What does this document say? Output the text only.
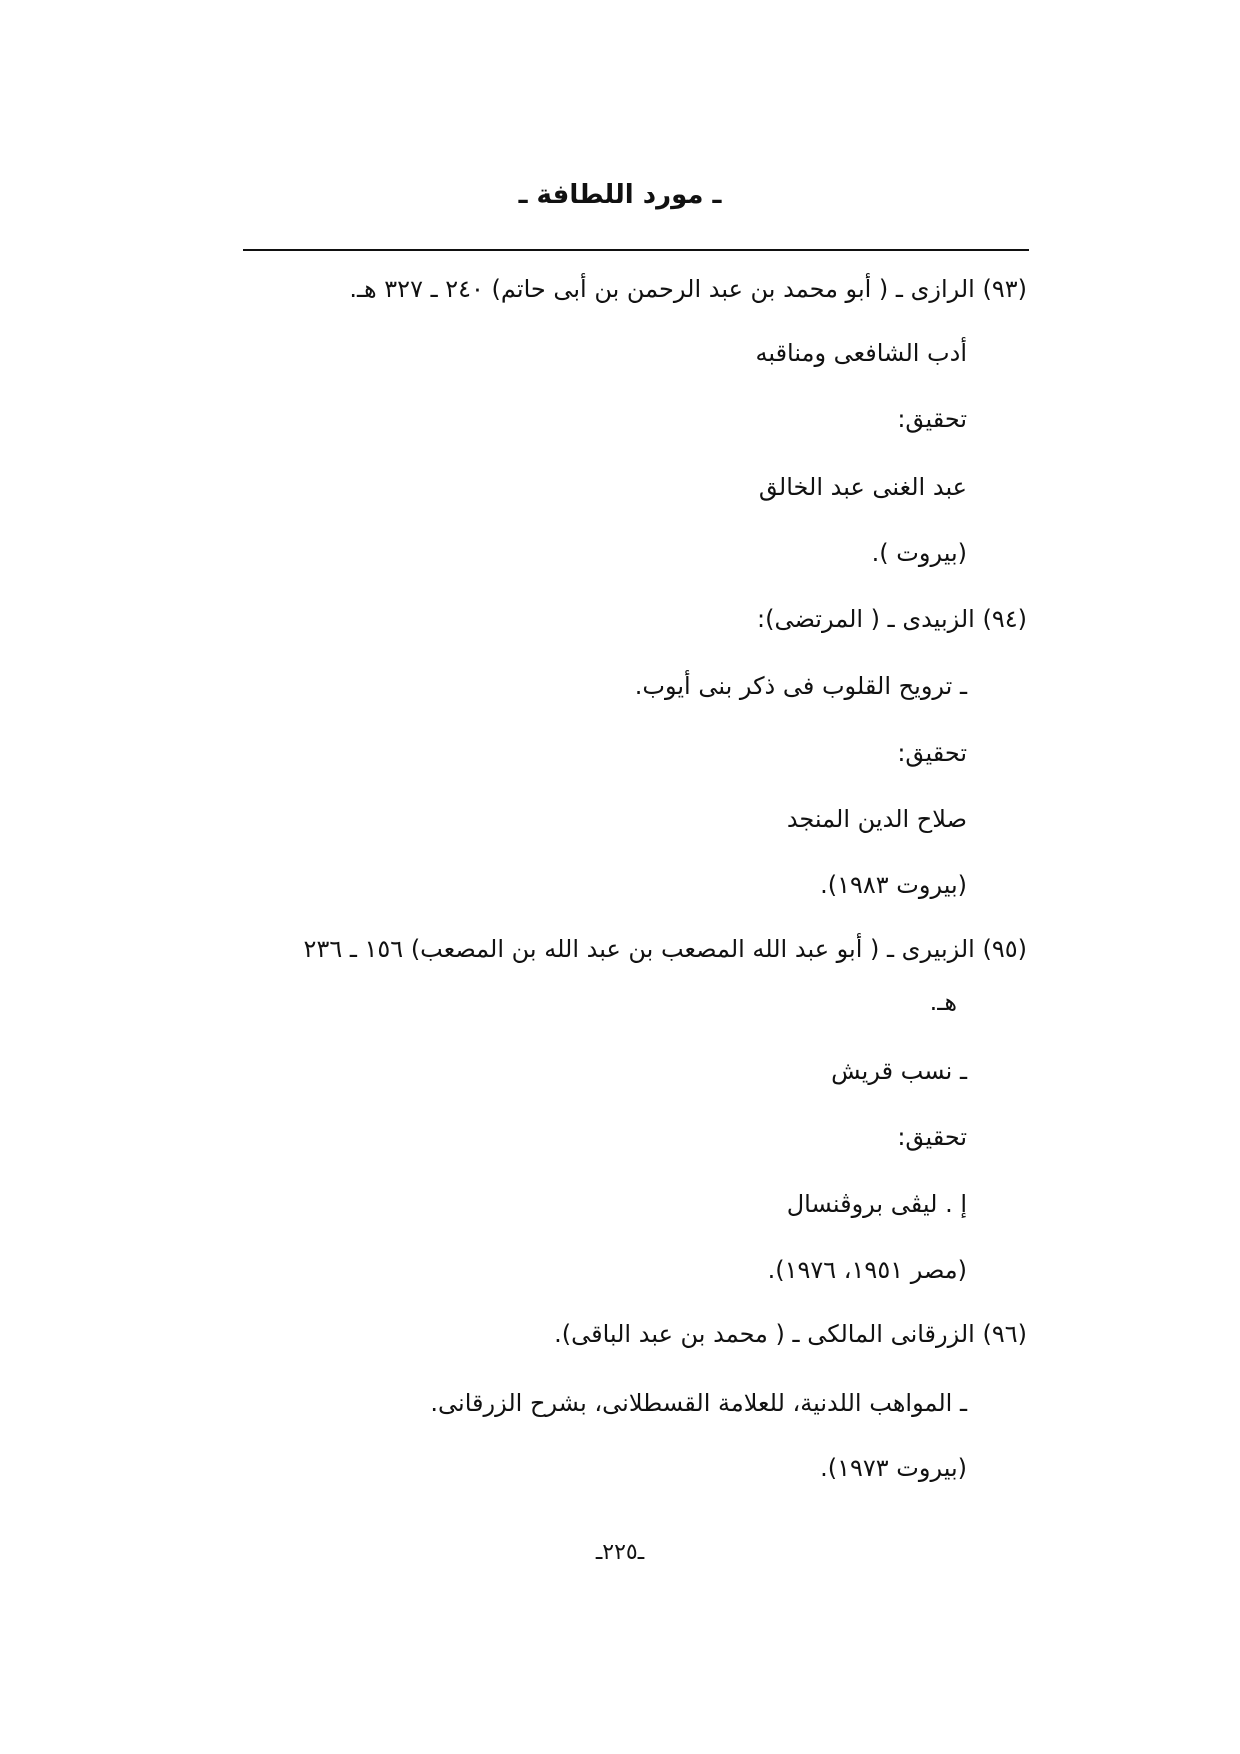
ـ مورد اللطافة ـ
(٩٣) الرازى ـ ( أبو محمد بن عبد الرحمن بن أبى حاتم) ٢٤٠ ـ ٣٢٧ هـ.
أدب الشافعى ومناقبه
تحقيق:
عبد الغنى عبد الخالق
(بيروت ).
(٩٤) الزبيدى ـ ( المرتضى):
ـ ترويح القلوب فى ذكر بنى أيوب.
تحقيق:
صلاح الدين المنجد
(بيروت ١٩٨٣).
(٩٥) الزبيرى ـ ( أبو عبد الله المصعب بن عبد الله بن المصعب) ١٥٦ ـ ٢٣٦
هـ.
ـ نسب قريش
تحقيق:
إ . ليڤى بروڤنسال
(مصر ١٩٥١، ١٩٧٦).
(٩٦) الزرقانى المالكى ـ ( محمد بن عبد الباقى).
ـ المواهب اللدنية، للعلامة القسطلانى، بشرح الزرقانى.
(بيروت ١٩٧٣).
ـ٢٢٥ـ
